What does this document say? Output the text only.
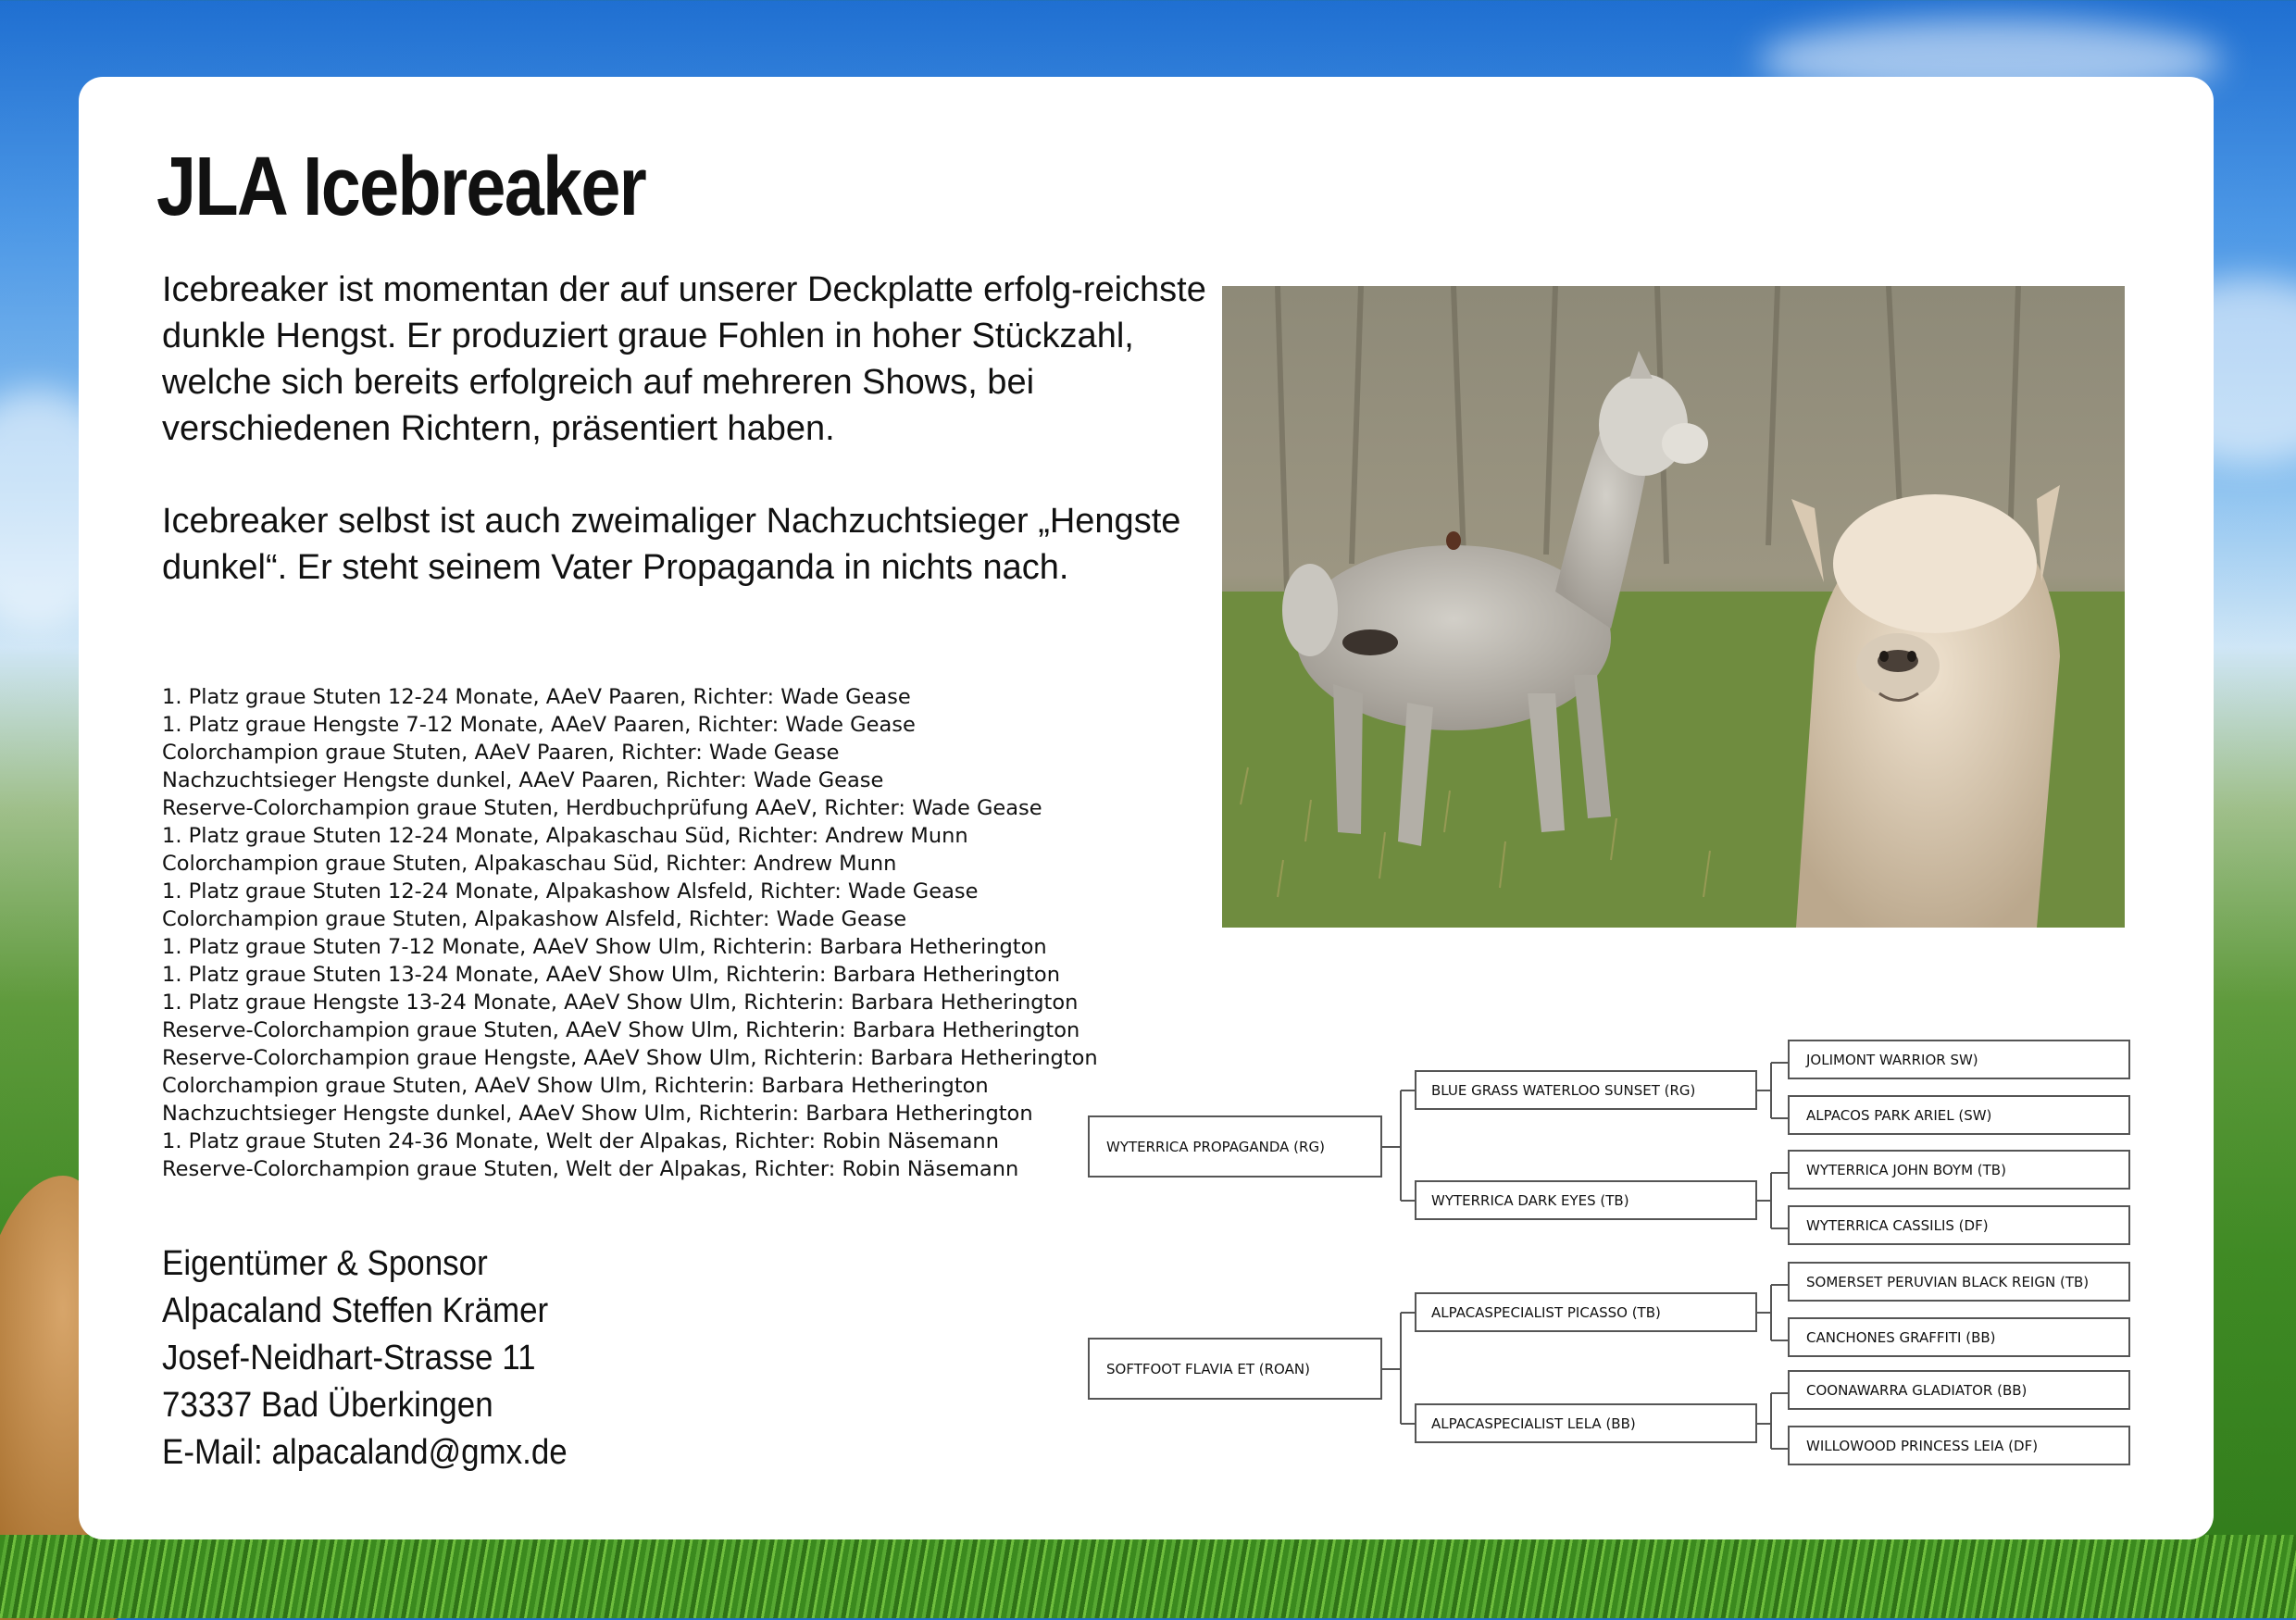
JLA Icebreaker

Icebreaker ist momentan der auf unserer Deckplatte erfolg-reichste dunkle Hengst. Er produziert graue Fohlen in hoher Stückzahl, welche sich bereits erfolgreich auf mehreren Shows, bei verschiedenen Richtern, präsentiert haben.

Icebreaker selbst ist auch zweimaliger Nachzuchtsieger „Hengste dunkel“. Er steht seinem Vater Propaganda in nichts nach.

1. Platz graue Stuten 12-24 Monate, AAeV Paaren, Richter: Wade Gease
1. Platz graue Hengste 7-12 Monate, AAeV Paaren, Richter: Wade Gease
Colorchampion graue Stuten, AAeV Paaren, Richter: Wade Gease
Nachzuchtsieger Hengste dunkel, AAeV Paaren, Richter: Wade Gease
Reserve-Colorchampion graue Stuten, Herdbuchprüfung AAeV, Richter: Wade Gease
1. Platz graue Stuten 12-24 Monate, Alpakaschau Süd, Richter: Andrew Munn
Colorchampion graue Stuten, Alpakaschau Süd, Richter: Andrew Munn
1. Platz graue Stuten 12-24 Monate, Alpakashow Alsfeld, Richter: Wade Gease
Colorchampion graue Stuten, Alpakashow Alsfeld, Richter: Wade Gease
1. Platz graue Stuten 7-12 Monate, AAeV Show Ulm, Richterin: Barbara Hetherington
1. Platz graue Stuten 13-24 Monate, AAeV Show Ulm, Richterin: Barbara Hetherington
1. Platz graue Hengste 13-24 Monate, AAeV Show Ulm, Richterin: Barbara Hetherington
Reserve-Colorchampion graue Stuten, AAeV Show Ulm, Richterin: Barbara Hetherington
Reserve-Colorchampion graue Hengste, AAeV Show Ulm, Richterin: Barbara Hetherington
Colorchampion graue Stuten, AAeV Show Ulm, Richterin: Barbara Hetherington
Nachzuchtsieger Hengste dunkel, AAeV Show Ulm, Richterin: Barbara Hetherington
1. Platz graue Stuten 24-36 Monate, Welt der Alpakas, Richter: Robin Näsemann
Reserve-Colorchampion graue Stuten, Welt der Alpakas, Richter: Robin Näsemann
Eigentümer & Sponsor
Alpacaland Steffen Krämer
Josef-Neidhart-Strasse 11
73337 Bad Überkingen
E-Mail: alpacaland@gmx.de
WYTERRICA PROPAGANDA (RG)
SOFTFOOT FLAVIA ET (ROAN)
BLUE GRASS WATERLOO SUNSET (RG)
WYTERRICA DARK EYES (TB)
ALPACASPECIALIST PICASSO (TB)
ALPACASPECIALIST LELA (BB)
JOLIMONT WARRIOR SW)
ALPACOS PARK ARIEL (SW)
WYTERRICA JOHN BOYM (TB)
WYTERRICA CASSILIS (DF)
SOMERSET PERUVIAN BLACK REIGN (TB)
CANCHONES GRAFFITI (BB)
COONAWARRA GLADIATOR (BB)
WILLOWOOD PRINCESS LEIA (DF)
